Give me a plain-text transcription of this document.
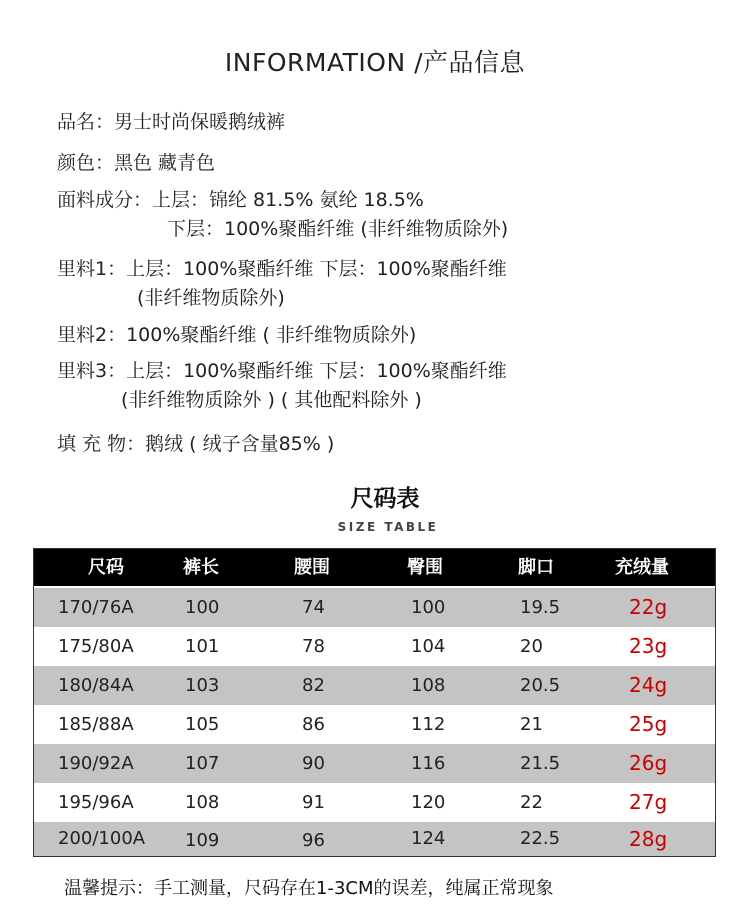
INFORMATION /产品信息
品名：男士时尚保暖鹅绒裤
颜色：黑色 藏青色
面料成分：上层：锦纶 81.5% 氨纶 18.5%
下层：100%聚酯纤维 (非纤维物质除外)
里料1：上层：100%聚酯纤维 下层：100%聚酯纤维
(非纤维物质除外)
里料2：100%聚酯纤维 ( 非纤维物质除外)
里料3：上层：100%聚酯纤维 下层：100%聚酯纤维
(非纤维物质除外 ) ( 其他配料除外 )
填 充 物：鹅绒 ( 绒子含量85% )
尺码表
SIZE TABLE
尺码	裤长	腰围	臀围	脚口	充绒量
170/76A	100	74	100	19.5	22g
175/80A	101	78	104	20	23g
180/84A	103	82	108	20.5	24g
185/88A	105	86	112	21	25g
190/92A	107	90	116	21.5	26g
195/96A	108	91	120	22	27g
200/100A 109	96	124	22.5	28g
温馨提示：手工测量，尺码存在1-3CM的误差，纯属正常现象
